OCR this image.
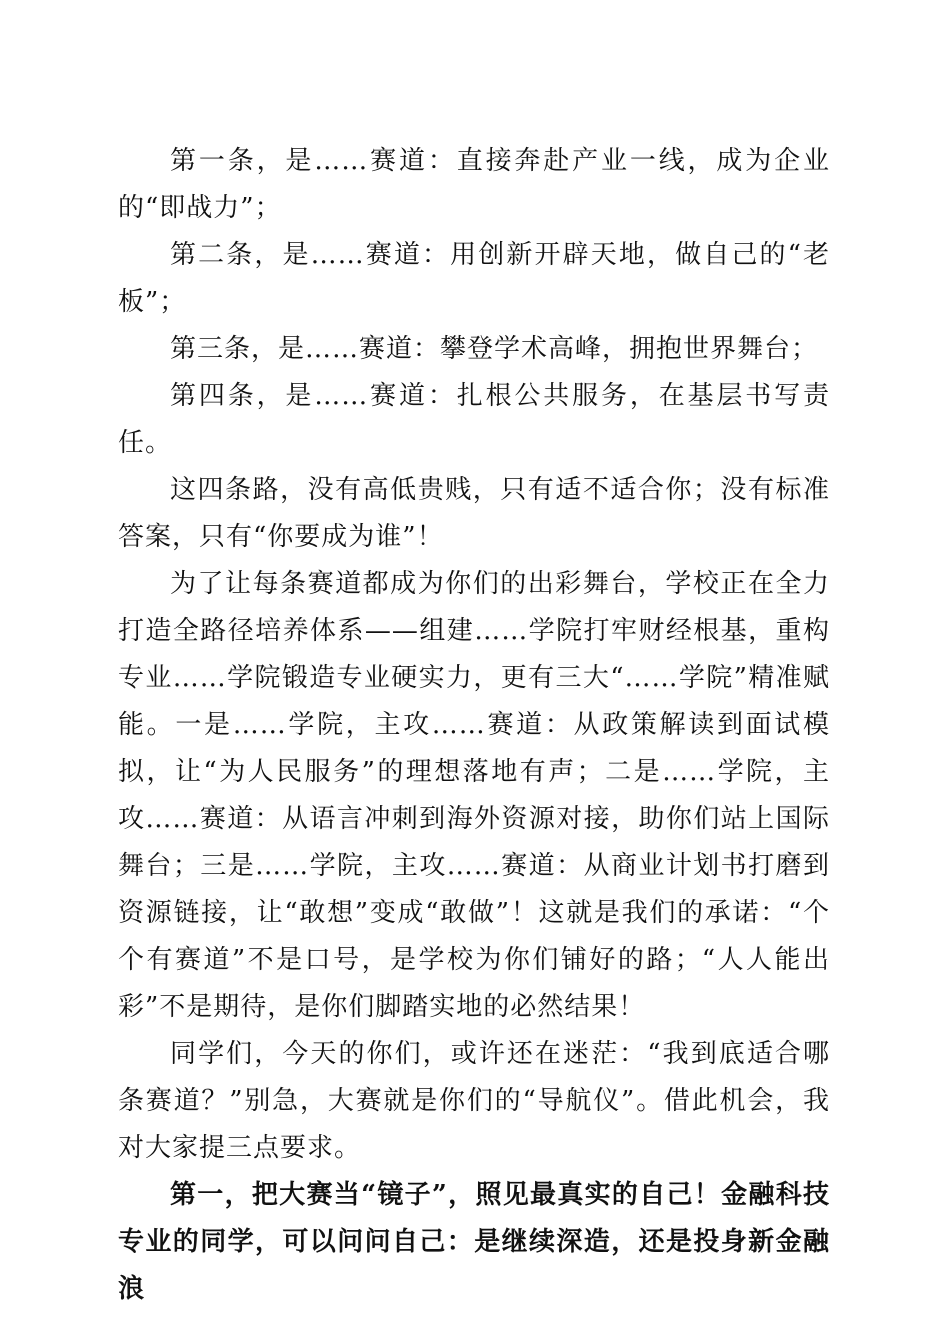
第一条，是……赛道：直接奔赴产业一线，成为企业的“即战力”；

第二条，是……赛道：用创新开辟天地，做自己的“老板”；

第三条，是……赛道：攀登学术高峰，拥抱世界舞台；

第四条，是……赛道：扎根公共服务，在基层书写责任。

这四条路，没有高低贵贱，只有适不适合你；没有标准答案，只有“你要成为谁”！

为了让每条赛道都成为你们的出彩舞台，学校正在全力打造全路径培养体系——组建……学院打牢财经根基，重构专业……学院锻造专业硬实力，更有三大“……学院”精准赋能。一是……学院，主攻……赛道：从政策解读到面试模拟，让“为人民服务”的理想落地有声；二是……学院，主攻……赛道：从语言冲刺到海外资源对接，助你们站上国际舞台；三是……学院，主攻……赛道：从商业计划书打磨到资源链接，让“敢想”变成“敢做”！这就是我们的承诺：“个个有赛道”不是口号，是学校为你们铺好的路；“人人能出彩”不是期待，是你们脚踏实地的必然结果！

同学们，今天的你们，或许还在迷茫：“我到底适合哪条赛道？”别急，大赛就是你们的“导航仪”。借此机会，我对大家提三点要求。

第一，把大赛当“镜子”，照见最真实的自己！金融科技专业的同学，可以问问自己：是继续深造，还是投身新金融浪
